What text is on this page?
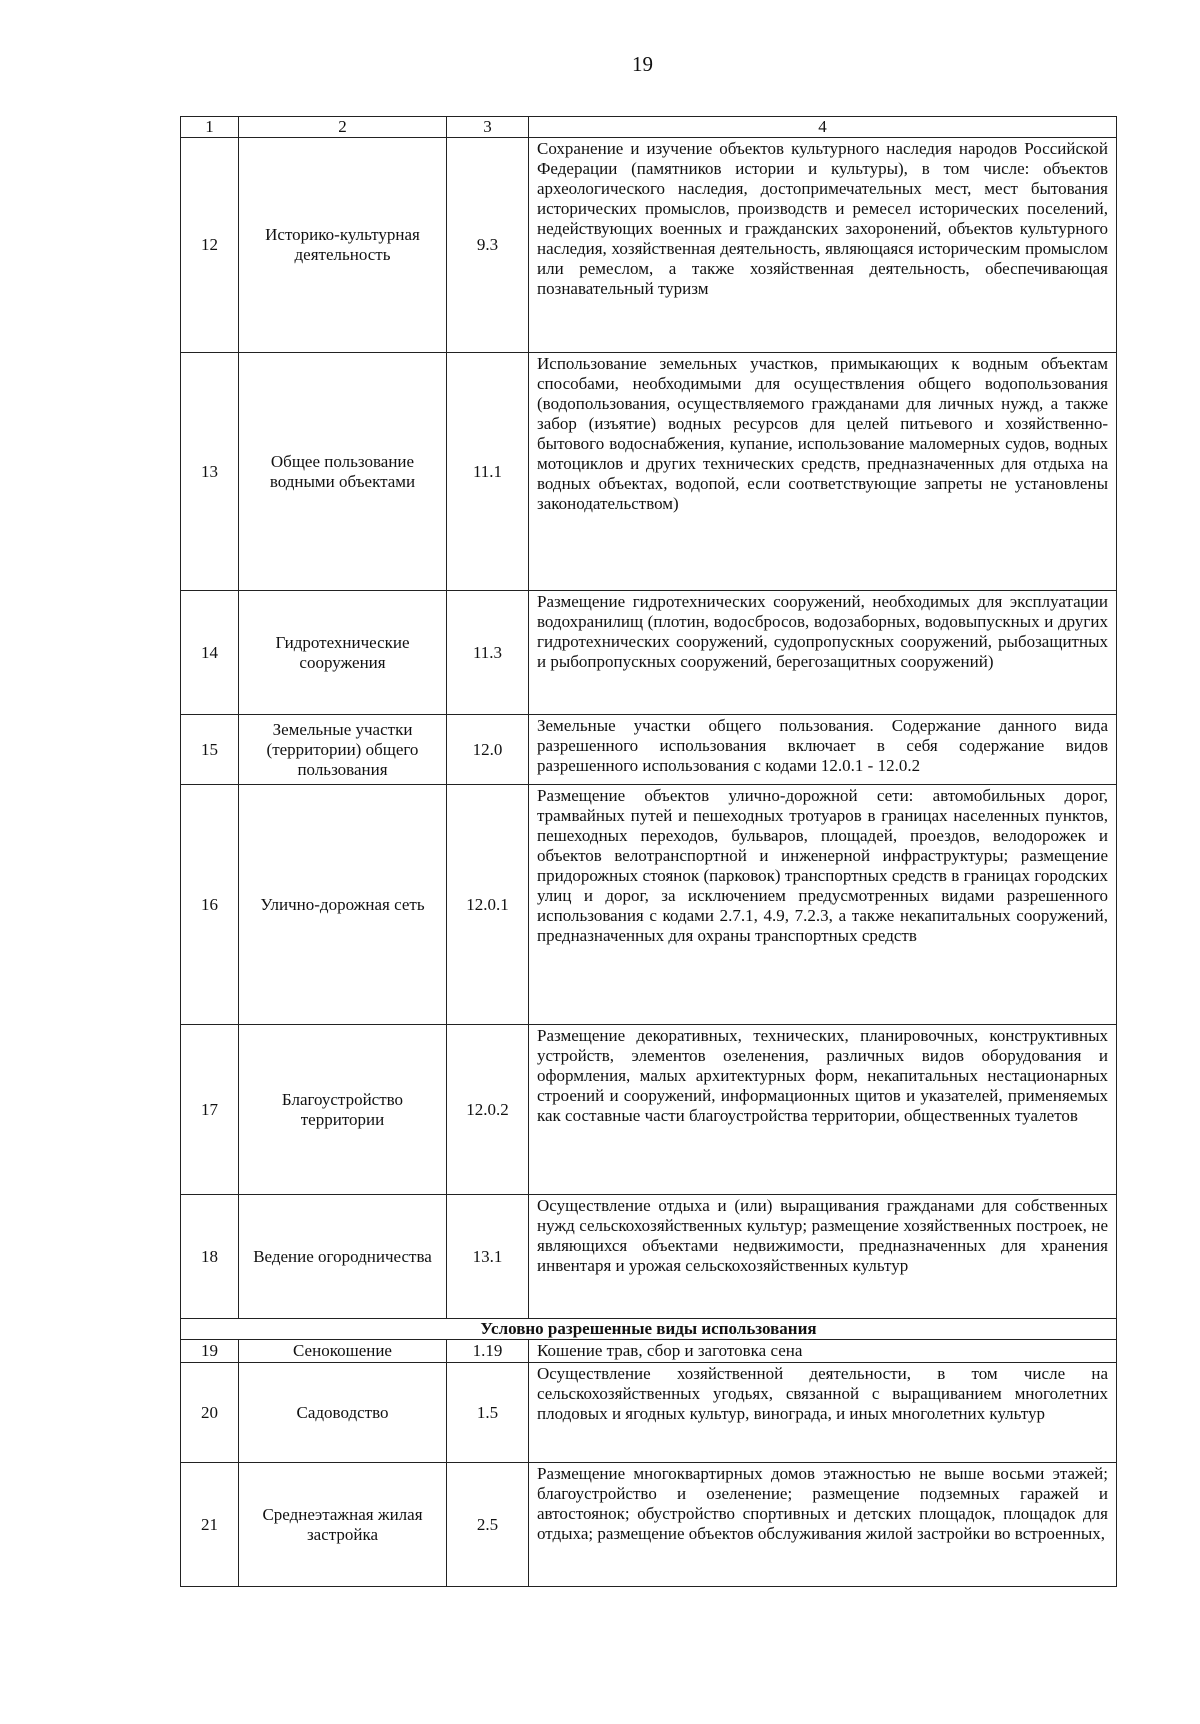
19
1	2	3	4
12	Историко-культурная деятельность	9.3	Сохранение и изучение объектов культурного наследия народов Российской Федерации (памятников истории и культуры), в том числе: объектов археологического наследия, достопримечательных мест, мест бытования исторических промыслов, производств и ремесел исторических поселений, недействующих военных и гражданских захоронений, объектов культурного наследия, хозяйственная деятельность, являющаяся историческим промыслом или ремеслом, а также хозяйственная деятельность, обеспечивающая познавательный туризм
13	Общее пользование водными объектами	11.1	Использование земельных участков, примыкающих к водным объектам способами, необходимыми для осуществления общего водопользования (водопользования, осуществляемого гражданами для личных нужд, а также забор (изъятие) водных ресурсов для целей питьевого и хозяйственно-бытового водоснабжения, купание, использование маломерных судов, водных мотоциклов и других технических средств, предназначенных для отдыха на водных объектах, водопой, если соответствующие запреты не установлены законодательством)
14	Гидротехнические сооружения	11.3	Размещение гидротехнических сооружений, необходимых для эксплуатации водохранилищ (плотин, водосбросов, водозаборных, водовыпускных и других гидротехнических сооружений, судопропускных сооружений, рыбозащитных и рыбопропускных сооружений, берегозащитных сооружений)
15	Земельные участки (территории) общего пользования	12.0	Земельные участки общего пользования. Содержание данного вида разрешенного использования включает в себя содержание видов разрешенного использования с кодами 12.0.1 - 12.0.2
16	Улично-дорожная сеть	12.0.1	Размещение объектов улично-дорожной сети: автомобильных дорог, трамвайных путей и пешеходных тротуаров в границах населенных пунктов, пешеходных переходов, бульваров, площадей, проездов, велодорожек и объектов велотранспортной и инженерной инфраструктуры; размещение придорожных стоянок (парковок) транспортных средств в границах городских улиц и дорог, за исключением предусмотренных видами разрешенного использования с кодами 2.7.1, 4.9, 7.2.3, а также некапитальных сооружений, предназначенных для охраны транспортных средств
17	Благоустройство территории	12.0.2	Размещение декоративных, технических, планировочных, конструктивных устройств, элементов озеленения, различных видов оборудования и оформления, малых архитектурных форм, некапитальных нестационарных строений и сооружений, информационных щитов и указателей, применяемых как составные части благоустройства территории, общественных туалетов
18	Ведение огородничества	13.1	Осуществление отдыха и (или) выращивания гражданами для собственных нужд сельскохозяйственных культур; размещение хозяйственных построек, не являющихся объектами недвижимости, предназначенных для хранения инвентаря и урожая сельскохозяйственных культур
Условно разрешенные виды использования			
19	Сенокошение	1.19	Кошение трав, сбор и заготовка сена
20	Садоводство	1.5	Осуществление хозяйственной деятельности, в том числе на сельскохозяйственных угодьях, связанной с выращиванием многолетних плодовых и ягодных культур, винограда, и иных многолетних культур
21	Среднеэтажная жилая застройка	2.5	Размещение многоквартирных домов этажностью не выше восьми этажей; благоустройство и озеленение; размещение подземных гаражей и автостоянок; обустройство спортивных и детских площадок, площадок для отдыха; размещение объектов обслуживания жилой застройки во встроенных,
